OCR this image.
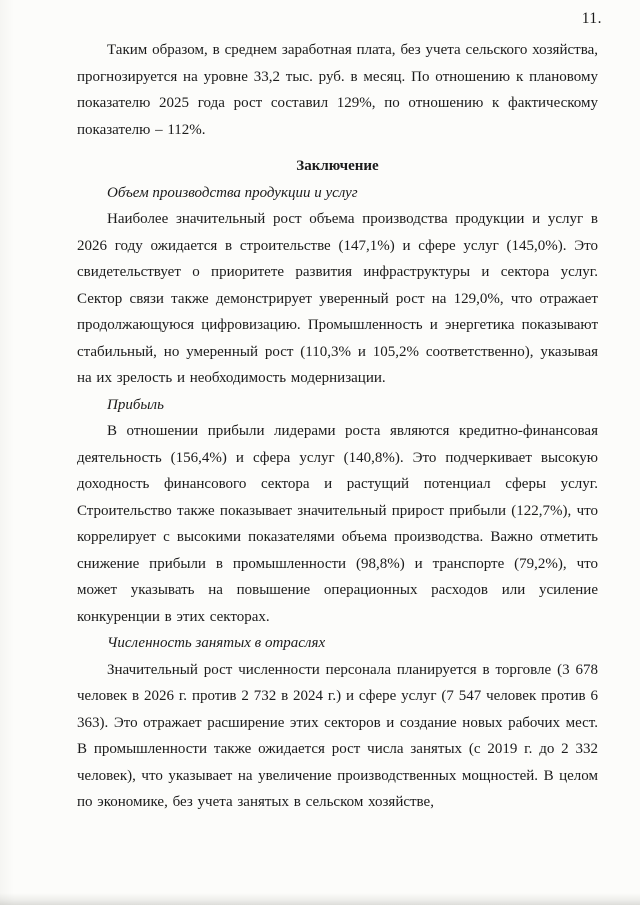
11.

Таким образом, в среднем заработная плата, без учета сельского хозяйства, прогнозируется на уровне 33,2 тыс. руб. в месяц. По отношению к плановому показателю 2025 года рост составил 129%, по отношению к фактическому показателю – 112%.

Заключение

Объем производства продукции и услуг

Наиболее значительный рост объема производства продукции и услуг в 2026 году ожидается в строительстве (147,1%) и сфере услуг (145,0%). Это свидетельствует о приоритете развития инфраструктуры и сектора услуг. Сектор связи также демонстрирует уверенный рост на 129,0%, что отражает продолжающуюся цифровизацию. Промышленность и энергетика показывают стабильный, но умеренный рост (110,3% и 105,2% соответственно), указывая на их зрелость и необходимость модернизации.

Прибыль

В отношении прибыли лидерами роста являются кредитно-финансовая деятельность (156,4%) и сфера услуг (140,8%). Это подчеркивает высокую доходность финансового сектора и растущий потенциал сферы услуг. Строительство также показывает значительный прирост прибыли (122,7%), что коррелирует с высокими показателями объема производства. Важно отметить снижение прибыли в промышленности (98,8%) и транспорте (79,2%), что может указывать на повышение операционных расходов или усиление конкуренции в этих секторах.

Численность занятых в отраслях

Значительный рост численности персонала планируется в торговле (3 678 человек в 2026 г. против 2 732 в 2024 г.) и сфере услуг (7 547 человек против 6 363). Это отражает расширение этих секторов и создание новых рабочих мест. В промышленности также ожидается рост числа занятых (с 2019 г. до 2 332 человек), что указывает на увеличение производственных мощностей. В целом по экономике, без учета занятых в сельском хозяйстве,
